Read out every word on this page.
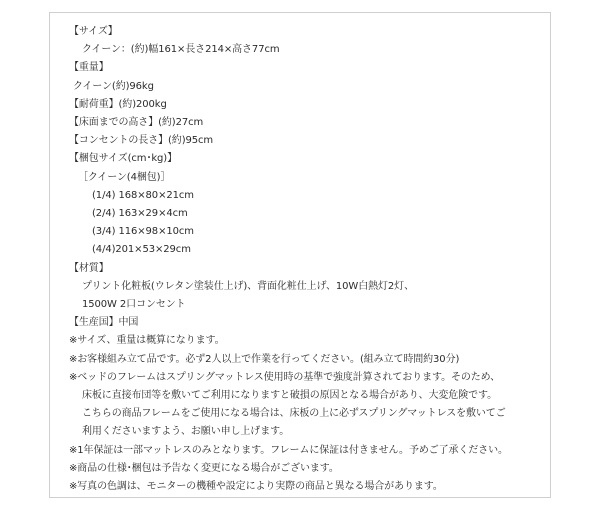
【サイズ】
クイーン：(約)幅161×長さ214×高さ77cm
【重量】
クイーン(約)96kg
【耐荷重】(約)200kg
【床面までの高さ】(約)27cm
【コンセントの長さ】(約)95cm
【梱包サイズ(cm･kg)】
［クイーン(4梱包)］
(1/4) 168×80×21cm
(2/4) 163×29×4cm
(3/4) 116×98×10cm
(4/4)201×53×29cm
【材質】
プリント化粧板(ウレタン塗装仕上げ)、背面化粧仕上げ、10W白熱灯2灯、
1500W 2口コンセント
【生産国】中国
※サイズ、重量は概算になります。
※お客様組み立て品です。必ず2人以上で作業を行ってください。(組み立て時間約30分)
※ベッドのフレームはスプリングマットレス使用時の基準で強度計算されております。そのため、
床板に直接布団等を敷いてご利用になりますと破損の原因となる場合があり、大変危険です。
こちらの商品フレームをご使用になる場合は、床板の上に必ずスプリングマットレスを敷いてご
利用くださいますよう、お願い申し上げます。
※1年保証は一部マットレスのみとなります。フレームに保証は付きません。予めご了承ください。
※商品の仕様･梱包は予告なく変更になる場合がございます。
※写真の色調は、モニターの機種や設定により実際の商品と異なる場合があります。
